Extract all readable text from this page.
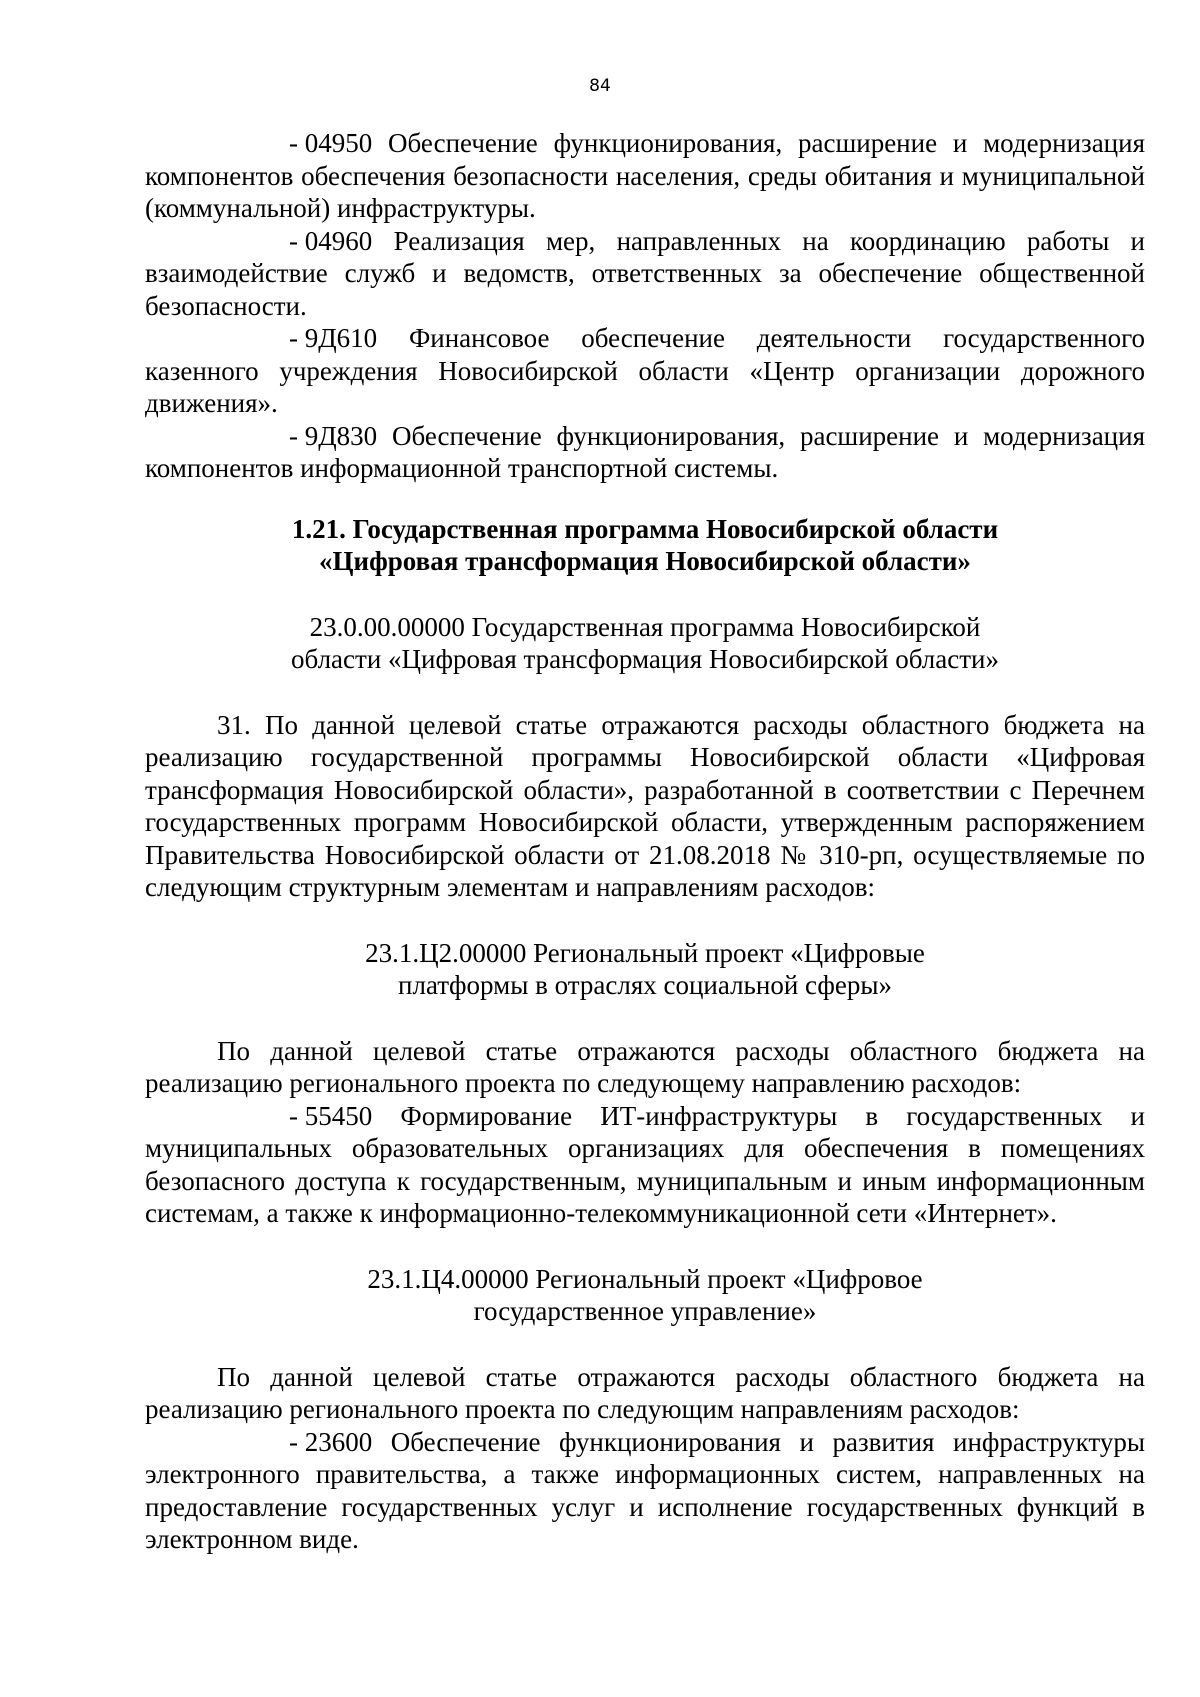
84

- 04950 Обеспечение функционирования, расширение и модернизация компонентов обеспечения безопасности населения, среды обитания и муниципальной (коммунальной) инфраструктуры.

- 04960 Реализация мер, направленных на координацию работы и взаимодействие служб и ведомств, ответственных за обеспечение общественной безопасности.

- 9Д610 Финансовое обеспечение деятельности государственного казенного учреждения Новосибирской области «Центр организации дорожного движения».

- 9Д830 Обеспечение функционирования, расширение и модернизация компонентов информационной транспортной системы.

1.21. Государственная программа Новосибирской области
«Цифровая трансформация Новосибирской области»
23.0.00.00000 Государственная программа Новосибирской
области «Цифровая трансформация Новосибирской области»

31. По данной целевой статье отражаются расходы областного бюджета на реализацию государственной программы Новосибирской области «Цифровая трансформация Новосибирской области», разработанной в соответствии с Перечнем государственных программ Новосибирской области, утвержденным распоряжением Правительства Новосибирской области от 21.08.2018 № 310-рп, осуществляемые по следующим структурным элементам и направлениям расходов:

23.1.Ц2.00000 Региональный проект «Цифровые
платформы в отраслях социальной сферы»

По данной целевой статье отражаются расходы областного бюджета на реализацию регионального проекта по следующему направлению расходов:

- 55450 Формирование ИТ-инфраструктуры в государственных и муниципальных образовательных организациях для обеспечения в помещениях безопасного доступа к государственным, муниципальным и иным информационным системам, а также к информационно-телекоммуникационной сети «Интернет».

23.1.Ц4.00000 Региональный проект «Цифровое
государственное управление»

По данной целевой статье отражаются расходы областного бюджета на реализацию регионального проекта по следующим направлениям расходов:

- 23600 Обеспечение функционирования и развития инфраструктуры электронного правительства, а также информационных систем, направленных на предоставление государственных услуг и исполнение государственных функций в электронном виде.
